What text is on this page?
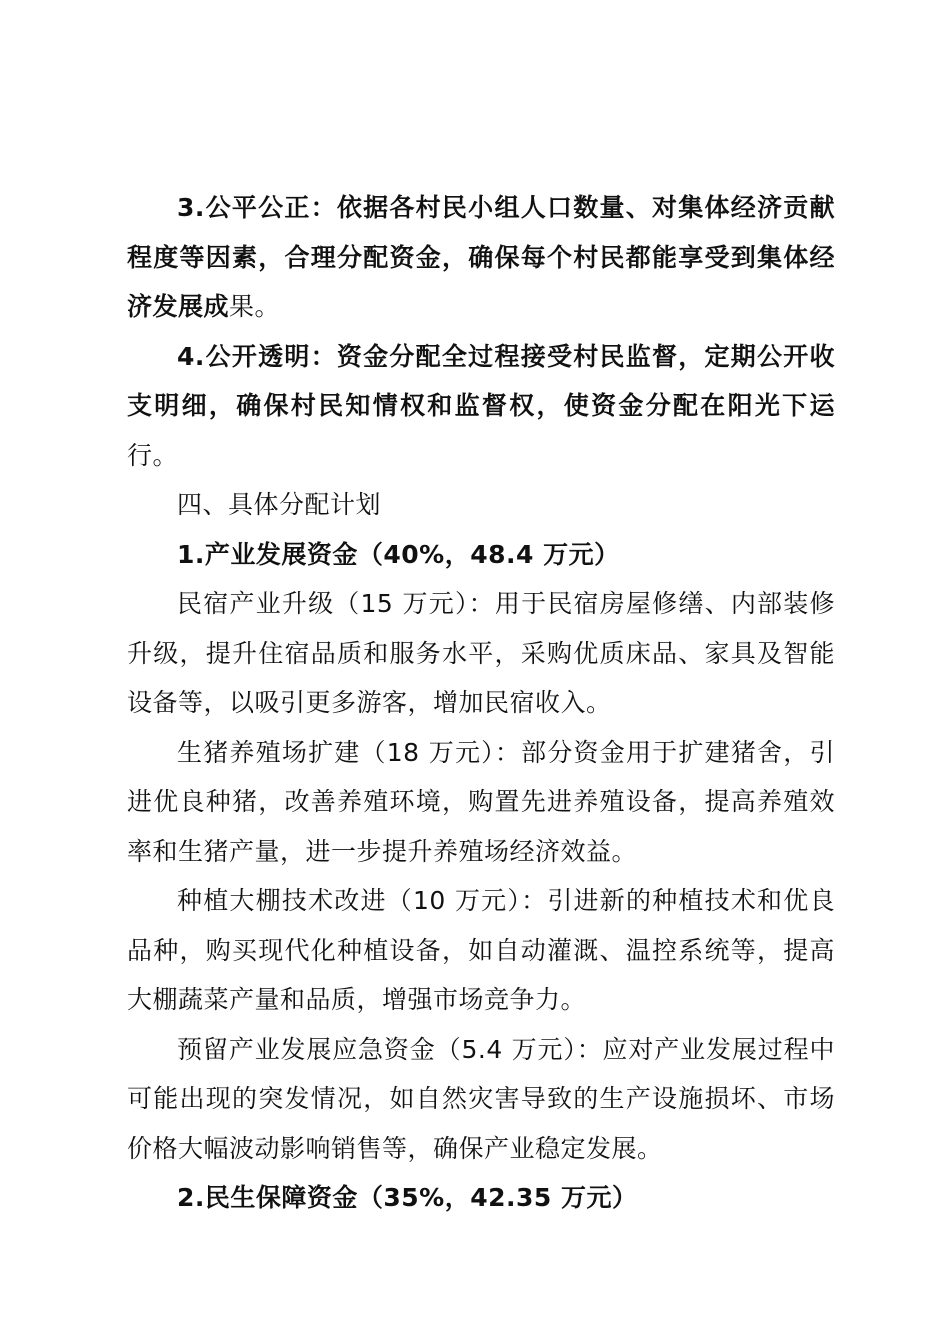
3.公平公正：依据各村民小组人口数量、对集体经济贡献程度等因素，合理分配资金，确保每个村民都能享受到集体经济发展成果。

4.公开透明：资金分配全过程接受村民监督，定期公开收支明细，确保村民知情权和监督权，使资金分配在阳光下运行。

四、具体分配计划

1.产业发展资金（40%，48.4 万元）

民宿产业升级（15 万元）：用于民宿房屋修缮、内部装修升级，提升住宿品质和服务水平，采购优质床品、家具及智能设备等，以吸引更多游客，增加民宿收入。

生猪养殖场扩建（18 万元）：部分资金用于扩建猪舍，引进优良种猪，改善养殖环境，购置先进养殖设备，提高养殖效率和生猪产量，进一步提升养殖场经济效益。

种植大棚技术改进（10 万元）：引进新的种植技术和优良品种，购买现代化种植设备，如自动灌溉、温控系统等，提高大棚蔬菜产量和品质，增强市场竞争力。

预留产业发展应急资金（5.4 万元）：应对产业发展过程中可能出现的突发情况，如自然灾害导致的生产设施损坏、市场价格大幅波动影响销售等，确保产业稳定发展。

2.民生保障资金（35%，42.35 万元）
